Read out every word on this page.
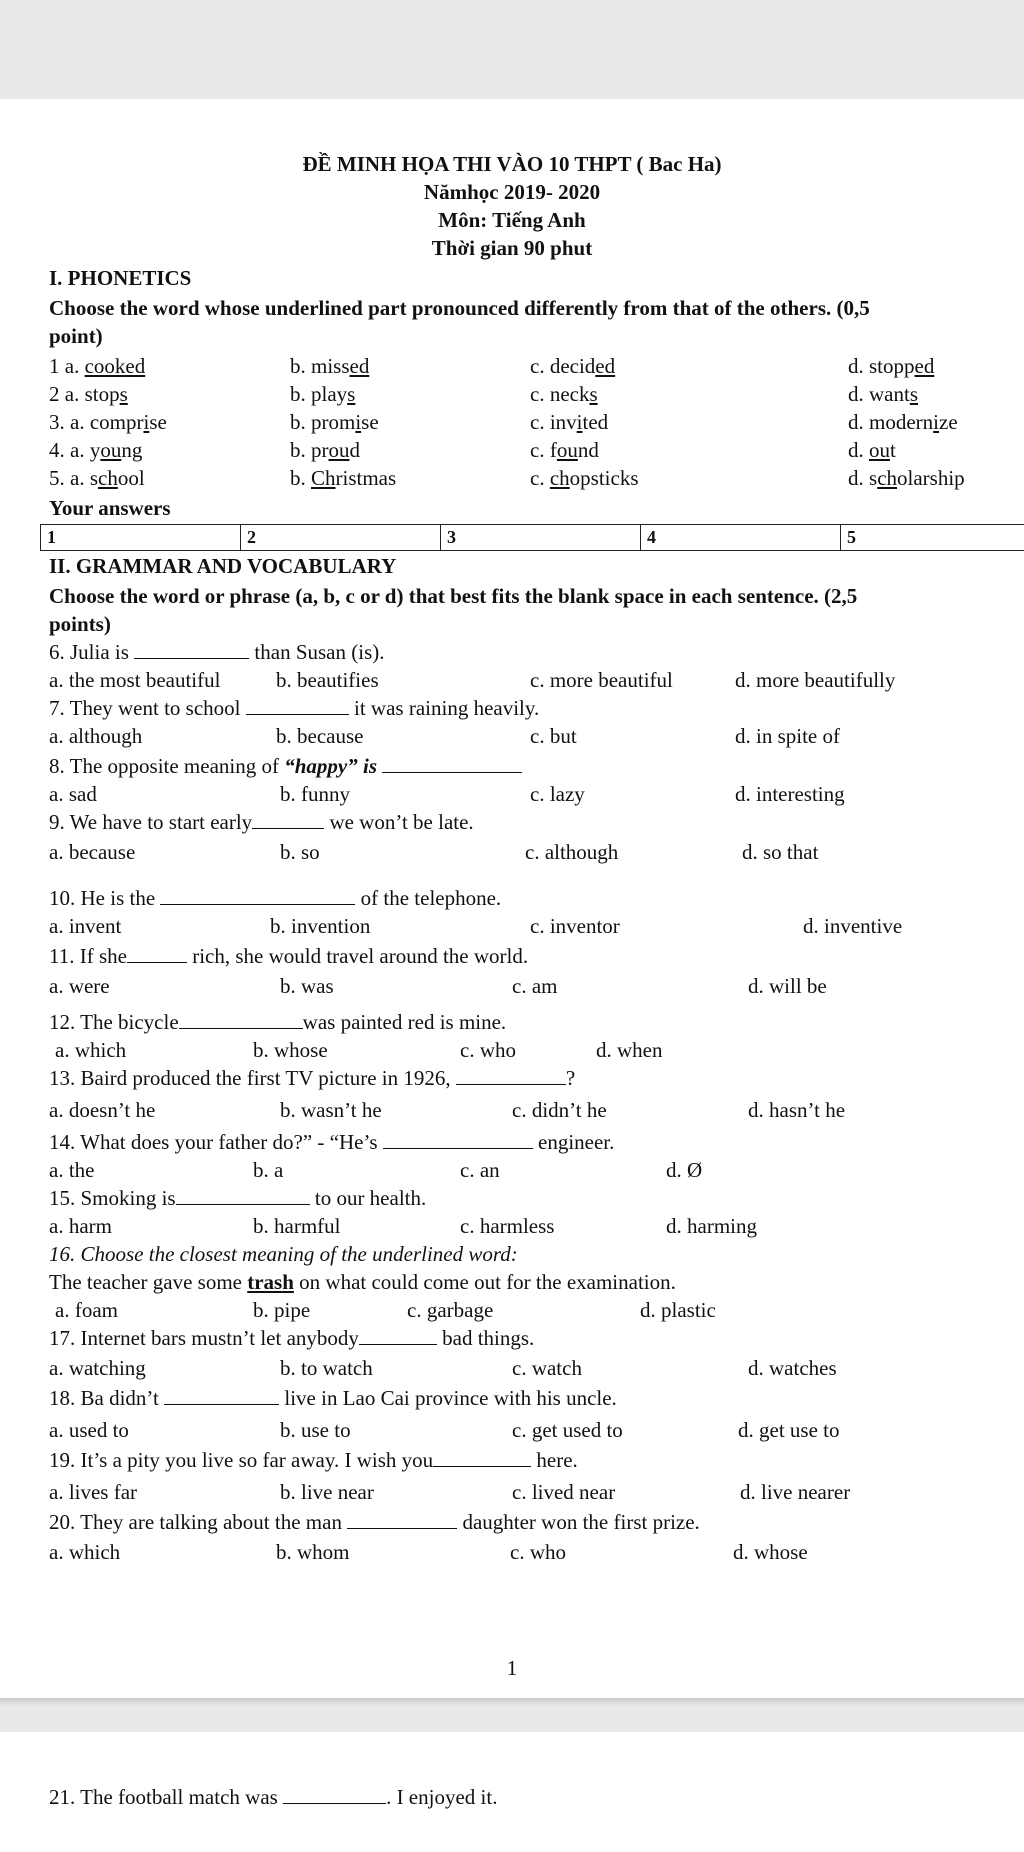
ĐỀ MINH HỌA THI VÀO 10 THPT ( Bac Ha)
Nămhọc 2019- 2020
Môn: Tiếng Anh
Thời gian 90 phut
I. PHONETICS
Choose the word whose underlined part pronounced differently from that of the others. (0,5
point)
1 a. cooked	b. missed	c. decided	d. stopped
2 a. stops	b. plays	c. necks	d. wants
3. a. comprise	b. promise	c. invited	d. modernize
4. a. young	b. proud	c. found	d. out
5. a. school	b. Christmas	c. chopsticks	d. scholarship
Your answers
1	2	3	4	5
II. GRAMMAR AND VOCABULARY
Choose the word or phrase (a, b, c or d) that best fits the blank space in each sentence. (2,5
points)
6. Julia is	than Susan (is).
a. the most beautiful	b. beautifies	c. more beautiful	d. more beautifully
7. They went to school	it was raining heavily.
a. although	b. because	c. but	d. in spite of
8. The opposite meaning of “happy” is
a. sad	b. funny	c. lazy	d. interesting
9. We have to start early	we won’t be late.
a. because	b. so	c. although	d. so that
10. He is the	of the telephone.
a. invent	b. invention	c. inventor	d. inventive
11. If she	rich, she would travel around the world.
a. were	b. was	c. am	d. will be
12. The bicycle	was painted red is mine.
a. which	b. whose	c. who	d. when
13. Baird produced the first TV picture in 1926,	?
a. doesn’t he	b. wasn’t he	c. didn’t he	d. hasn’t he
14. What does your father do?” - “He’s	engineer.
a. the	b. a	c. an	d. Ø
15. Smoking is	to our health.
a. harm	b. harmful	c. harmless	d. harming
16. Choose the closest meaning of the underlined word:
The teacher gave some trash on what could come out for the examination.
a. foam	b. pipe	c. garbage	d. plastic
17. Internet bars mustn’t let anybody	bad things.
a. watching	b. to watch	c. watch	d. watches
18. Ba didn’t	live in Lao Cai province with his uncle.
a. used to	b. use to	c. get used to	d. get use to
19. It’s a pity you live so far away. I wish you	here.
a. lives far	b. live near	c. lived near	d. live nearer
20. They are talking about the man	daughter won the first prize.
a. which	b. whom	c. who	d. whose
1
21. The football match was	. I enjoyed it.
